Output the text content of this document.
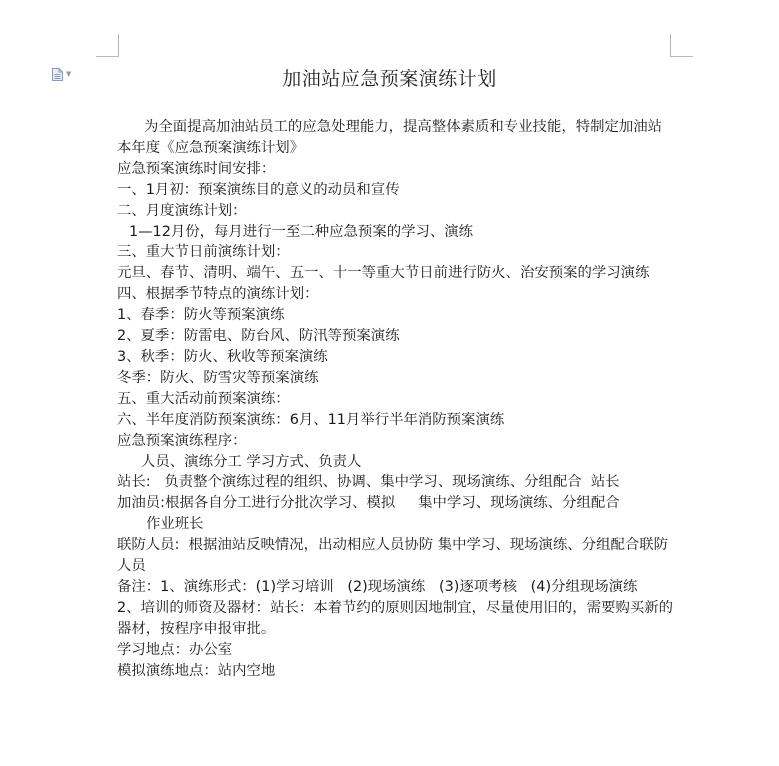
▼	加油站应急预案演练计划

为全面提高加油站员工的应急处理能力，提高整体素质和专业技能，特制定加油站本年度《应急预案演练计划》

应急预案演练时间安排：

一、1月初：预案演练目的意义的动员和宣传

二、月度演练计划：

1—12月份，每月进行一至二种应急预案的学习、演练

三、重大节日前演练计划：

元旦、春节、清明、端午、五一、十一等重大节日前进行防火、治安预案的学习演练

四、根据季节特点的演练计划：

1、春季：防火等预案演练

2、夏季：防雷电、防台风、防汛等预案演练

3、秋季：防火、秋收等预案演练

冬季：防火、防雪灾等预案演练

五、重大活动前预案演练：

六、半年度消防预案演练：6月、11月举行半年消防预案演练

应急预案演练程序：

人员、演练分工 学习方式、负责人

站长:   负责整个演练过程的组织、协调、集中学习、现场演练、分组配合  站长

加油员:根据各自分工进行分批次学习、模拟     集中学习、现场演练、分组配合

作业班长

联防人员:  根据油站反映情况，出动相应人员协防 集中学习、现场演练、分组配合联防人员

备注：1、演练形式：(1)学习培训   (2)现场演练   (3)逐项考核   (4)分组现场演练

2、培训的师资及器材：站长：本着节约的原则因地制宜，尽量使用旧的，需要购买新的器材，按程序申报审批。

学习地点：办公室

模拟演练地点：站内空地
